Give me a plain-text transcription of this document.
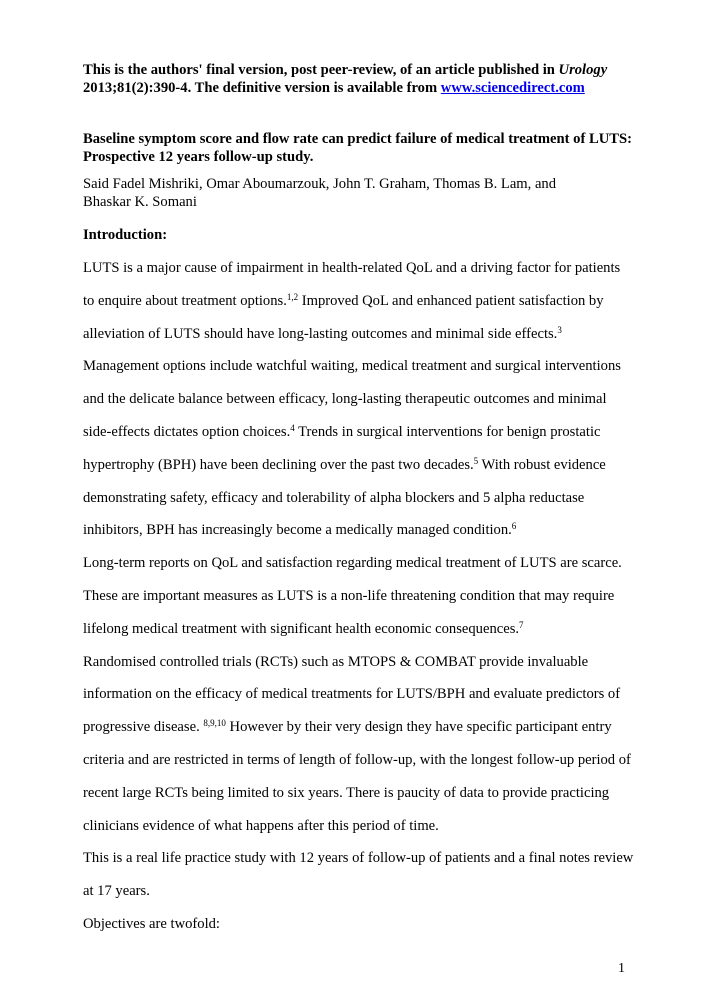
This is the authors' final version, post peer-review, of an article published in Urology
2013;81(2):390-4. The definitive version is available from www.sciencedirect.com
Baseline symptom score and flow rate can predict failure of medical treatment of LUTS:
Prospective 12 years follow-up study.
Said Fadel Mishriki, Omar Aboumarzouk, John T. Graham, Thomas B. Lam, and
Bhaskar K. Somani
Introduction:
LUTS is a major cause of impairment in health-related QoL and a driving factor for patients
to enquire about treatment options.$^{1,2}$ Improved QoL and enhanced patient satisfaction by
alleviation of LUTS should have long-lasting outcomes and minimal side effects.$^3$
Management options include watchful waiting, medical treatment and surgical interventions
and the delicate balance between efficacy, long-lasting therapeutic outcomes and minimal
side-effects dictates option choices.$^4$ Trends in surgical interventions for benign prostatic
hypertrophy (BPH) have been declining over the past two decades.$^5$ With robust evidence
demonstrating safety, efficacy and tolerability of alpha blockers and 5 alpha reductase
inhibitors, BPH has increasingly become a medically managed condition.$^6$
Long-term reports on QoL and satisfaction regarding medical treatment of LUTS are scarce.
These are important measures as LUTS is a non-life threatening condition that may require
lifelong medical treatment with significant health economic consequences.$^7$
Randomised controlled trials (RCTs) such as MTOPS & COMBAT provide invaluable
information on the efficacy of medical treatments for LUTS/BPH and evaluate predictors of
progressive disease. $^{8,9,10}$ However by their very design they have specific participant entry
criteria and are restricted in terms of length of follow-up, with the longest follow-up period of
recent large RCTs being limited to six years. There is paucity of data to provide practicing
clinicians evidence of what happens after this period of time.
This is a real life practice study with 12 years of follow-up of patients and a final notes review
at 17 years.
Objectives are twofold:
1
